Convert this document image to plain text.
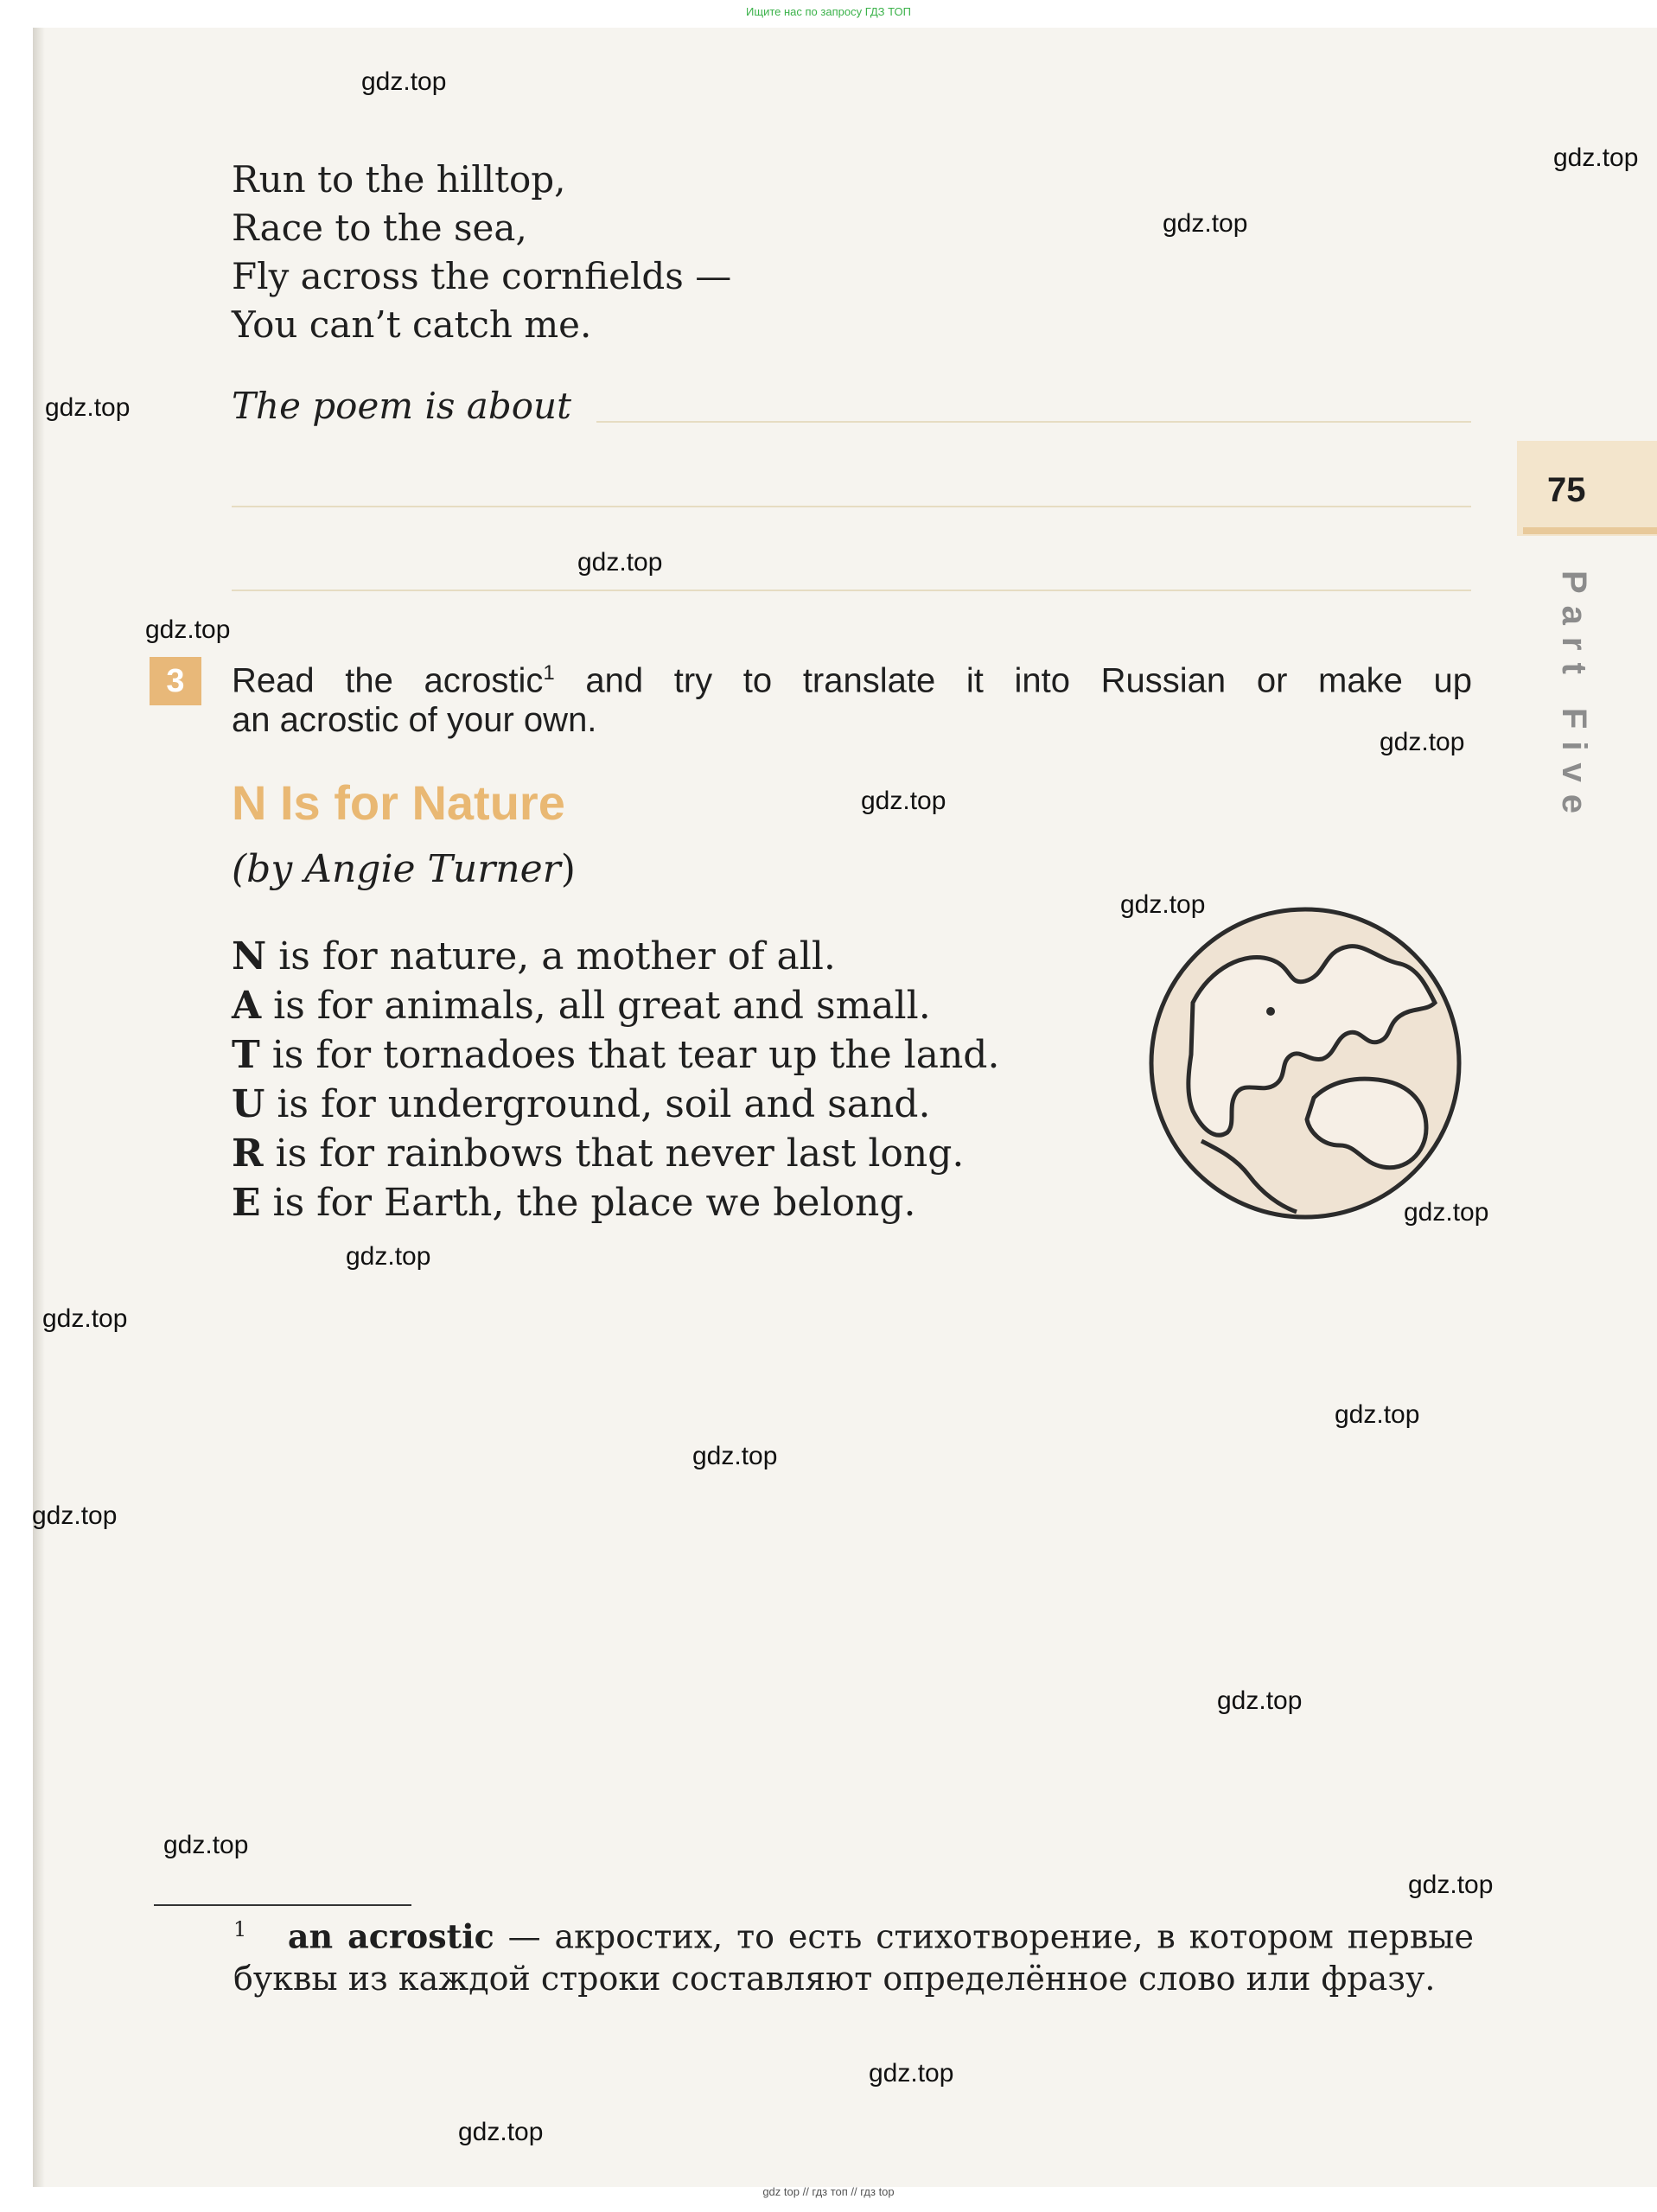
Ищите нас по запросу ГДЗ ТОП
Run to the hilltop,
Race to the sea,
Fly across the cornfields —
You can’t catch me.
The poem is about
3	Read the acrostic$^1$ and try to translate it into Russian or make up
an acrostic of your own.
N Is for Nature
(by Angie Turner)
N is for nature, a mother of all.
A is for animals, all great and small.
T is for tornadoes that tear up the land.
U is for underground, soil and sand.
R is for rainbows that never last long.
E is for Earth, the place we belong.
75
Part Five
$^1$ an acrostic — акростих, то есть стихотворение, в котором первые буквы из каждой строки составляют определённое слово или фразу.
gdz.top
gdz.top
gdz.top
gdz.top
gdz.top
gdz.top
gdz.top
gdz.top
gdz.top
gdz.top
gdz.top
gdz.top
gdz.top
gdz.top
gdz.top
gdz.top
gdz.top
gdz.top
gdz.top
gdz.top
gdz top // гдз топ // гдз top
